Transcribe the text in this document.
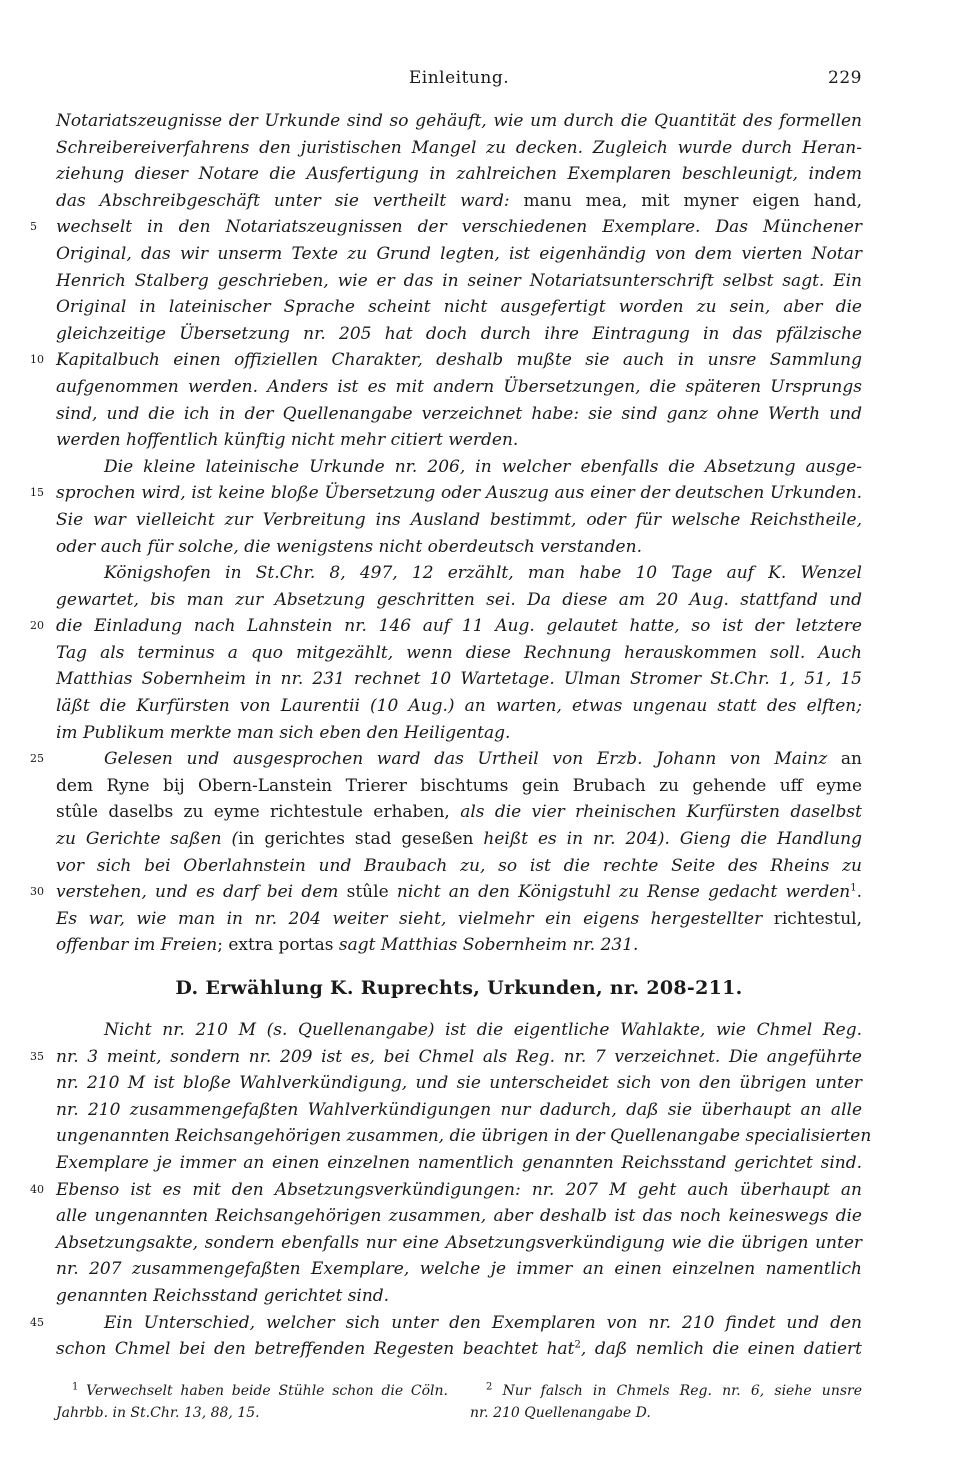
Einleitung.	229
Notariatszeugnisse der Urkunde sind so gehäuft, wie um durch die Quantität des formellen
Schreibereiverfahrens den juristischen Mangel zu decken. Zugleich wurde durch Heran-
ziehung dieser Notare die Ausfertigung in zahlreichen Exemplaren beschleunigt, indem
das Abschreibgeschäft unter sie vertheilt ward: manu mea, mit myner eigen hand,
5	wechselt in den Notariatszeugnissen der verschiedenen Exemplare. Das Münchener
Original, das wir unserm Texte zu Grund legten, ist eigenhändig von dem vierten Notar
Henrich Stalberg geschrieben, wie er das in seiner Notariatsunterschrift selbst sagt. Ein
Original in lateinischer Sprache scheint nicht ausgefertigt worden zu sein, aber die
gleichzeitige Übersetzung nr. 205 hat doch durch ihre Eintragung in das pfälzische
10 Kapitalbuch einen offiziellen Charakter, deshalb mußte sie auch in unsre Sammlung
aufgenommen werden. Anders ist es mit andern Übersetzungen, die späteren Ursprungs
sind, und die ich in der Quellenangabe verzeichnet habe: sie sind ganz ohne Werth und
werden hoffentlich künftig nicht mehr citiert werden.
Die kleine lateinische Urkunde nr. 206, in welcher ebenfalls die Absetzung ausge-
15 sprochen wird, ist keine bloße Übersetzung oder Auszug aus einer der deutschen Urkunden.
Sie war vielleicht zur Verbreitung ins Ausland bestimmt, oder für welsche Reichstheile,
oder auch für solche, die wenigstens nicht oberdeutsch verstanden.
Königshofen in St.Chr. 8, 497, 12 erzählt, man habe 10 Tage auf K. Wenzel
gewartet, bis man zur Absetzung geschritten sei. Da diese am 20 Aug. stattfand und
20 die Einladung nach Lahnstein nr. 146 auf 11 Aug. gelautet hatte, so ist der letztere
Tag als terminus a quo mitgezählt, wenn diese Rechnung herauskommen soll. Auch
Matthias Sobernheim in nr. 231 rechnet 10 Wartetage. Ulman Stromer St.Chr. 1, 51, 15
läßt die Kurfürsten von Laurentii (10 Aug.) an warten, etwas ungenau statt des elften;
im Publikum merkte man sich eben den Heiligentag.
25	Gelesen und ausgesprochen ward das Urtheil von Erzb. Johann von Mainz an
dem Ryne bij Obern-Lanstein Trierer bischtums gein Brubach zu gehende uff eyme
stûle daselbs zu eyme richtestule erhaben, als die vier rheinischen Kurfürsten daselbst
zu Gerichte saßen (in gerichtes stad geseßen heißt es in nr. 204). Gieng die Handlung
vor sich bei Oberlahnstein und Braubach zu, so ist die rechte Seite des Rheins zu
30 verstehen, und es darf bei dem stûle nicht an den Königstuhl zu Rense gedacht werden$^1$.
Es war, wie man in nr. 204 weiter sieht, vielmehr ein eigens hergestellter richtestul,
offenbar im Freien; extra portas sagt Matthias Sobernheim nr. 231.
D. Erwählung K. Ruprechts, Urkunden, nr. 208-211.
Nicht nr. 210 M (s. Quellenangabe) ist die eigentliche Wahlakte, wie Chmel Reg.
35 nr. 3 meint, sondern nr. 209 ist es, bei Chmel als Reg. nr. 7 verzeichnet. Die angeführte
nr. 210 M ist bloße Wahlverkündigung, und sie unterscheidet sich von den übrigen unter
nr. 210 zusammengefaßten Wahlverkündigungen nur dadurch, daß sie überhaupt an alle
ungenannten Reichsangehörigen zusammen, die übrigen in der Quellenangabe specialisierten
Exemplare je immer an einen einzelnen namentlich genannten Reichsstand gerichtet sind.
40 Ebenso ist es mit den Absetzungsverkündigungen: nr. 207 M geht auch überhaupt an
alle ungenannten Reichsangehörigen zusammen, aber deshalb ist das noch keineswegs die
Absetzungsakte, sondern ebenfalls nur eine Absetzungsverkündigung wie die übrigen unter
nr. 207 zusammengefaßten Exemplare, welche je immer an einen einzelnen namentlich
genannten Reichsstand gerichtet sind.
45	Ein Unterschied, welcher sich unter den Exemplaren von nr. 210 findet und den
schon Chmel bei den betreffenden Regesten beachtet hat$^2$, daß nemlich die einen datiert
$^1$ Verwechselt haben beide Stühle schon die Cöln.
Jahrbb. in St.Chr. 13, 88, 15.
$^2$ Nur falsch in Chmels Reg. nr. 6, siehe unsre
nr. 210 Quellenangabe D.
